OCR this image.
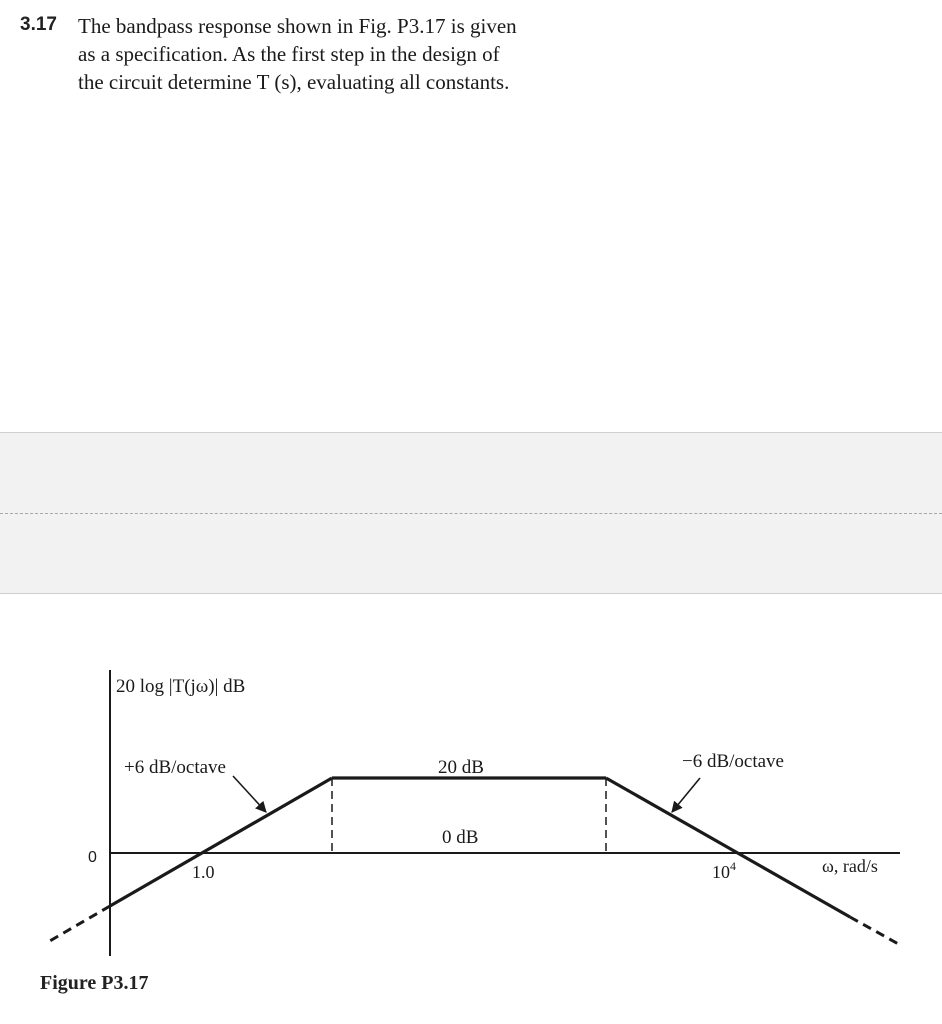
3.17 The bandpass response shown in Fig. P3.17 is given
as a specification. As the first step in the design of
the circuit determine T (s), evaluating all constants.
20 log |T(jω)| dB
0
+6 dB/octave	20 dB	−6 dB/octave
0 dB
1.0	$10^4$	ω, rad/s
Figure P3.17
